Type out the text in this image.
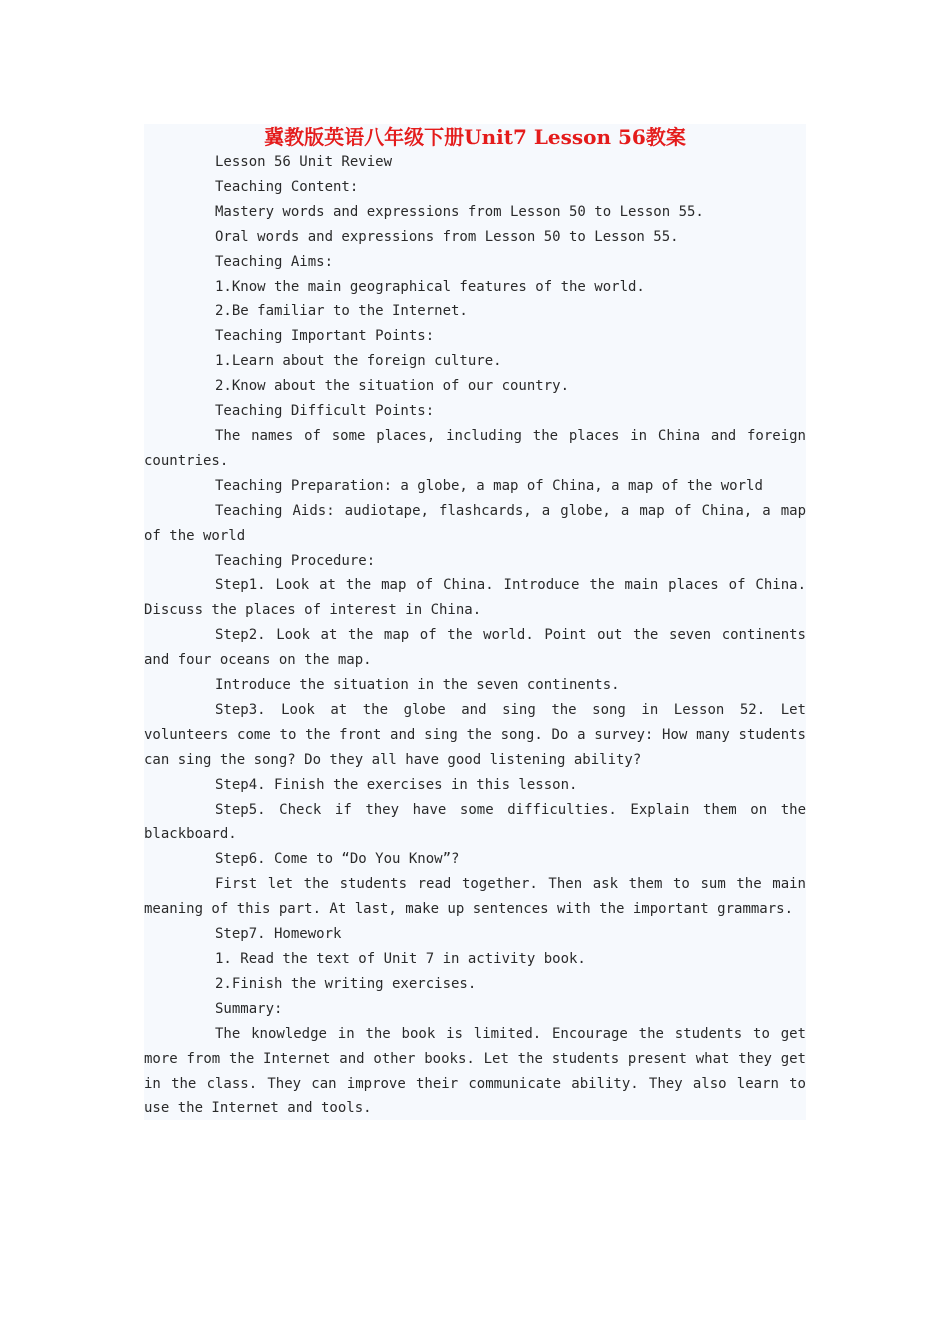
冀教版英语八年级下册Unit7 Lesson 56教案

Lesson 56 Unit Review

Teaching Content:

Mastery words and expressions from Lesson 50 to Lesson 55.

Oral words and expressions from Lesson 50 to Lesson 55.

Teaching Aims:

1.Know the main geographical features of the world.

2.Be familiar to the Internet.

Teaching Important Points:

1.Learn about the foreign culture.

2.Know about the situation of our country.

Teaching Difficult Points:

The names of some places, including the places in China and foreign countries.

Teaching Preparation: a globe, a map of China, a map of the world

Teaching Aids: audiotape, flashcards, a globe, a map of China, a map of the world

Teaching Procedure:

Step1. Look at the map of China. Introduce the main places of China. Discuss the places of interest in China.

Step2. Look at the map of the world. Point out the seven continents and four oceans on the map.

Introduce the situation in the seven continents.

Step3. Look at the globe and sing the song in Lesson 52. Let volunteers come to the front and sing the song. Do a survey: How many students can sing the song? Do they all have good listening ability?

Step4. Finish the exercises in this lesson.

Step5. Check if they have some difficulties. Explain them on the blackboard.

Step6. Come to “Do You Know”?

First let the students read together. Then ask them to sum the main meaning of this part. At last, make up sentences with the important grammars.

Step7. Homework

1. Read the text of Unit 7 in activity book.

2.Finish the writing exercises.

Summary:

The knowledge in the book is limited. Encourage the students to get more from the Internet and other books. Let the students present what they get in the class. They can improve their communicate ability. They also learn to use the Internet and tools.
